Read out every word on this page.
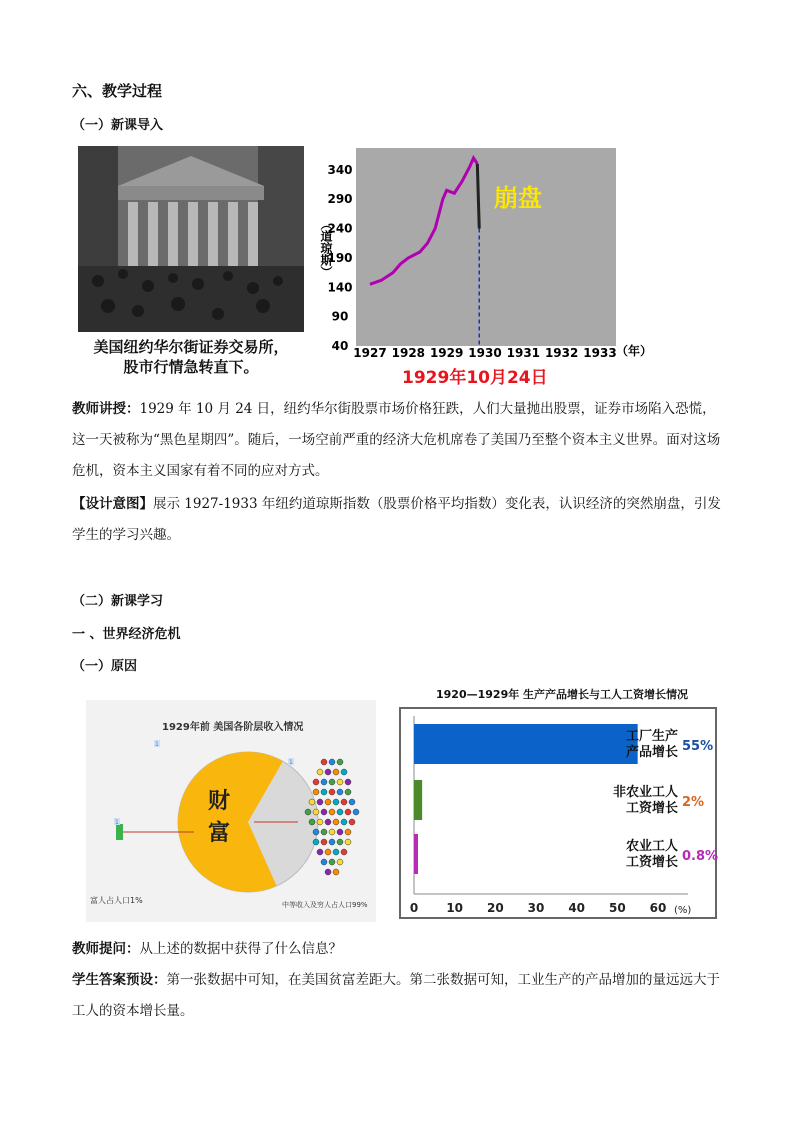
六、教学过程
（一）新课导入
美国纽约华尔街证券交易所，
股市行情急转直下。
40
90
140
190
240
290
340
1927 1928 1929 1930 1931 1932 1933
（道琼斯）
（年）
崩盘
1929年10月24日
教师讲授：1929 年 10 月 24 日，纽约华尔街股票市场价格狂跌，人们大量抛出股票，证券市场陷入恐慌，这一天被称为“黑色星期四”。随后，一场空前严重的经济大危机席卷了美国乃至整个资本主义世界。面对这场危机，资本主义国家有着不同的应对方式。
【设计意图】展示 1927-1933 年纽约道琼斯指数（股票价格平均指数）变化表，认识经济的突然崩盘，引发学生的学习兴趣。
（二）新课学习
一 、世界经济危机
（一）原因
1929年前 美国各阶层收入情况
财
富
1
1
1
富人占人口1%	中等收入及穷人占人口99%
1920—1929年 生产产品增长与工人工资增长情况
工厂生产
产品增长 55%
非农业工人
工资增长 2%
农业工人
工资增长 0.8%
0 10 20 30 40 50 60 (%)
教师提问：从上述的数据中获得了什么信息？
学生答案预设：第一张数据中可知，在美国贫富差距大。第二张数据可知，工业生产的产品增加的量远远大于工人的资本增长量。
